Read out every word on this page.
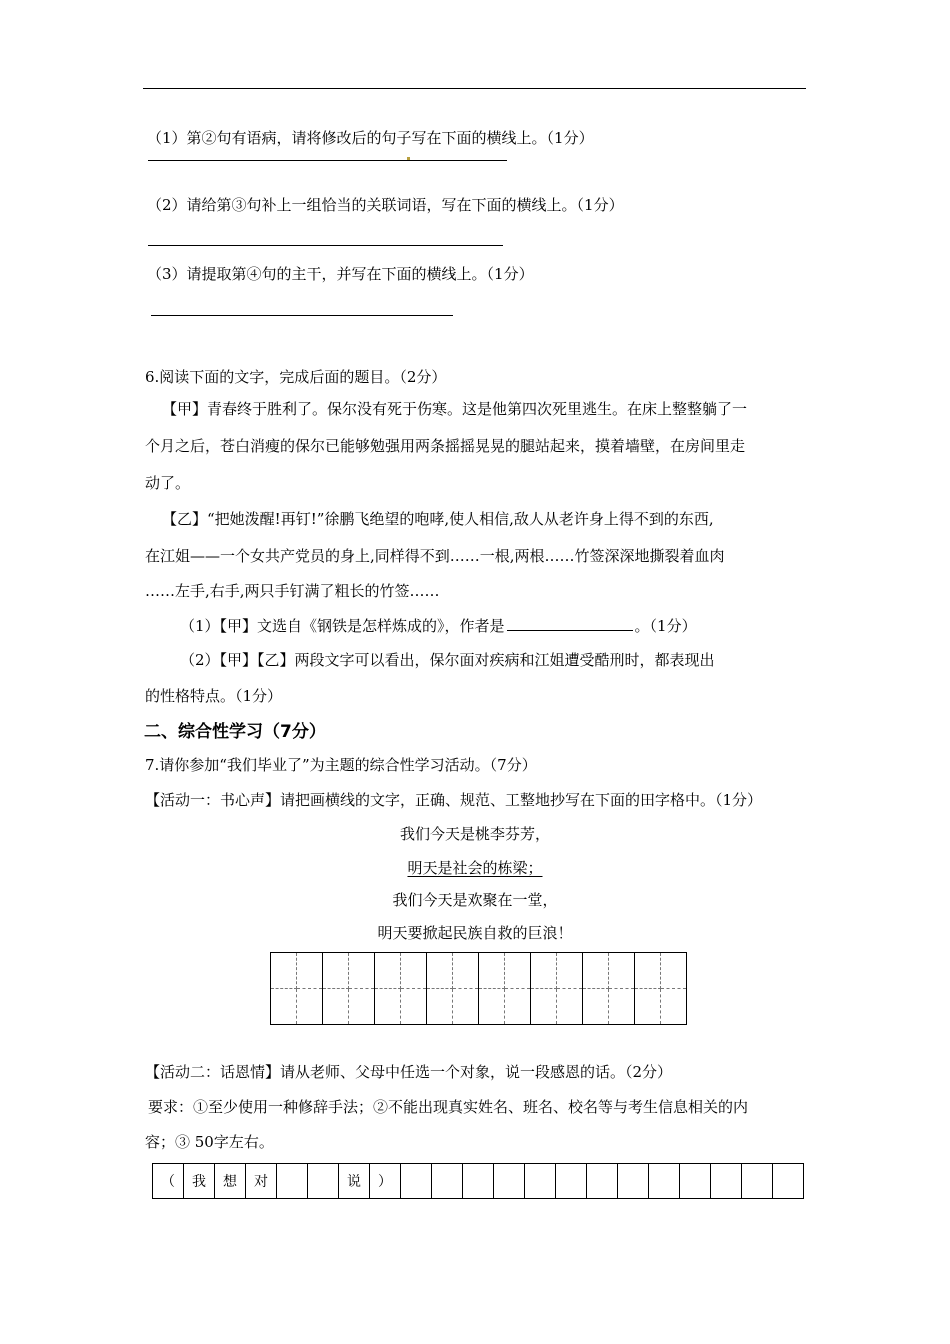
（1）第②句有语病，请将修改后的句子写在下面的横线上。（1分）
（2）请给第③句补上一组恰当的关联词语，写在下面的横线上。（1分）
（3）请提取第④句的主干，并写在下面的横线上。（1分）
6.阅读下面的文字，完成后面的题目。（2分）
【甲】青春终于胜利了。保尔没有死于伤寒。这是他第四次死里逃生。在床上整整躺了一
个月之后，苍白消瘦的保尔已能够勉强用两条摇摇晃晃的腿站起来，摸着墙壁，在房间里走
动了。
【乙】“把她泼醒!再钉!”徐鹏飞绝望的咆哮,使人相信,敌人从老许身上得不到的东西,
在江姐——一个女共产党员的身上,同样得不到……一根,两根……竹签深深地撕裂着血肉
……左手,右手,两只手钉满了粗长的竹签……
（1）【甲】文选自《钢铁是怎样炼成的》，作者是	。（1分）
（2）【甲】【乙】两段文字可以看出，保尔面对疾病和江姐遭受酷刑时，都表现出
的性格特点。（1分）
二、综合性学习（7分）
7.请你参加“我们毕业了”为主题的综合性学习活动。（7分）
【活动一：书心声】请把画横线的文字，正确、规范、工整地抄写在下面的田字格中。（1分）
我们今天是桃李芬芳，
明天是社会的栋梁；
我们今天是欢聚在一堂，
明天要掀起民族自救的巨浪！

【活动二：话恩情】请从老师、父母中任选一个对象，说一段感恩的话。（2分）
要求：①至少使用一种修辞手法；②不能出现真实姓名、班名、校名等与考生信息相关的内
容；③ 50字左右。
（	我	想	对			说	）													
